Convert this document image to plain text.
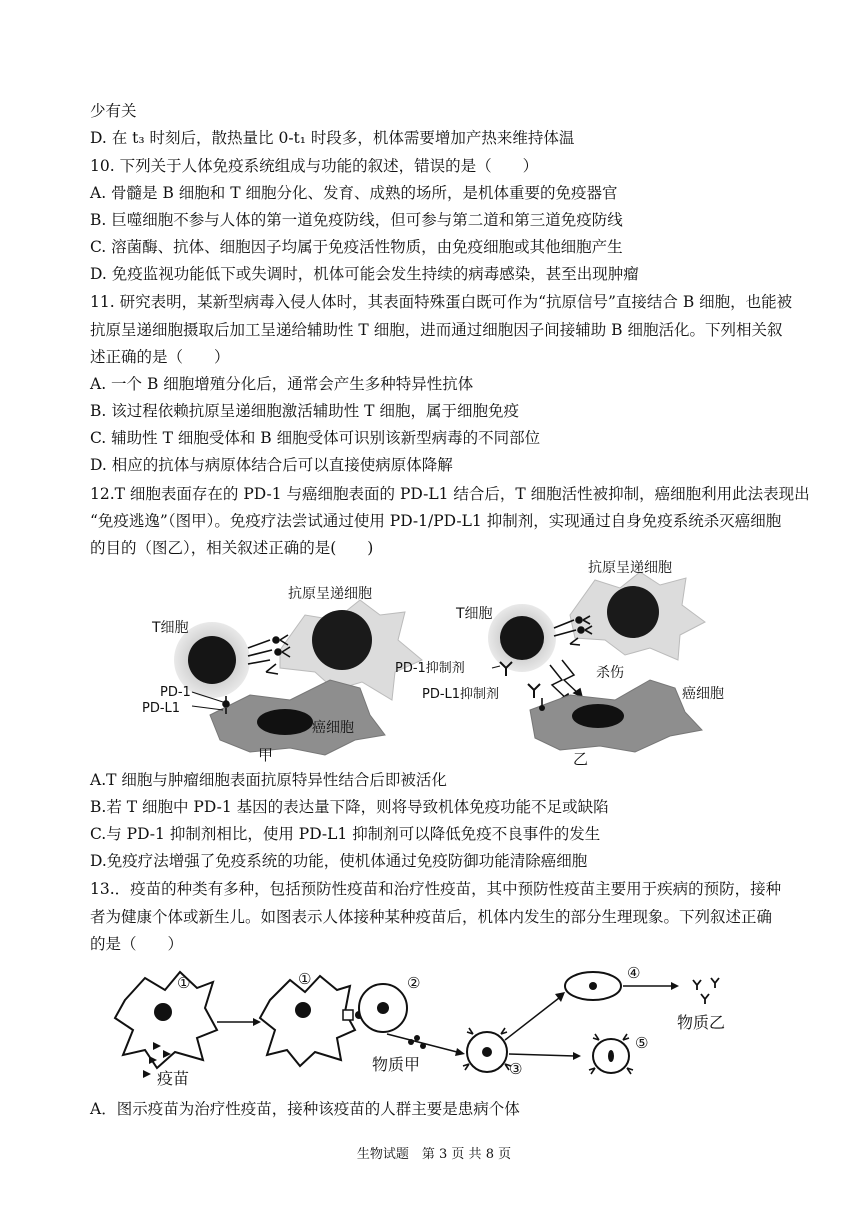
少有关
D. 在 t₃ 时刻后，散热量比 0-t₁ 时段多，机体需要增加产热来维持体温
10. 下列关于人体免疫系统组成与功能的叙述，错误的是（　　）
A. 骨髓是 B 细胞和 T 细胞分化、发育、成熟的场所，是机体重要的免疫器官
B. 巨噬细胞不参与人体的第一道免疫防线，但可参与第二道和第三道免疫防线
C. 溶菌酶、抗体、细胞因子均属于免疫活性物质，由免疫细胞或其他细胞产生
D. 免疫监视功能低下或失调时，机体可能会发生持续的病毒感染，甚至出现肿瘤
11. 研究表明，某新型病毒入侵人体时，其表面特殊蛋白既可作为“抗原信号”直接结合 B 细胞，也能被
抗原呈递细胞摄取后加工呈递给辅助性 T 细胞，进而通过细胞因子间接辅助 B 细胞活化。下列相关叙
述正确的是（　　）
A. 一个 B 细胞增殖分化后，通常会产生多种特异性抗体
B. 该过程依赖抗原呈递细胞激活辅助性 T 细胞，属于细胞免疫
C. 辅助性 T 细胞受体和 B 细胞受体可识别该新型病毒的不同部位
D. 相应的抗体与病原体结合后可以直接使病原体降解
12.T 细胞表面存在的 PD-1 与癌细胞表面的 PD-L1 结合后，T 细胞活性被抑制，癌细胞利用此法表现出
“免疫逃逸”（图甲）。免疫疗法尝试通过使用 PD-1/PD-L1 抑制剂，实现通过自身免疫系统杀灭癌细胞
的目的（图乙），相关叙述正确的是(　　)
抗原呈递细胞
T细胞
PD-1
PD-L1
癌细胞
甲
抗原呈递细胞
T细胞
PD-1抑制剂	杀伤
PD-L1抑制剂	癌细胞
乙
A.T 细胞与肿瘤细胞表面抗原特异性结合后即被活化
B.若 T 细胞中 PD-1 基因的表达量下降，则将导致机体免疫功能不足或缺陷
C.与 PD-1 抑制剂相比，使用 PD-L1 抑制剂可以降低免疫不良事件的发生
D.免疫疗法增强了免疫系统的功能，使机体通过免疫防御功能清除癌细胞
13.．疫苗的种类有多种，包括预防性疫苗和治疗性疫苗，其中预防性疫苗主要用于疾病的预防，接种
者为健康个体或新生儿。如图表示人体接种某种疫苗后，机体内发生的部分生理现象。下列叙述正确
的是（　　）
①
疫苗
①	②
物质甲	③
④
物质乙
⑤
A．图示疫苗为治疗性疫苗，接种该疫苗的人群主要是患病个体
生物试题　第 3 页 共 8 页
